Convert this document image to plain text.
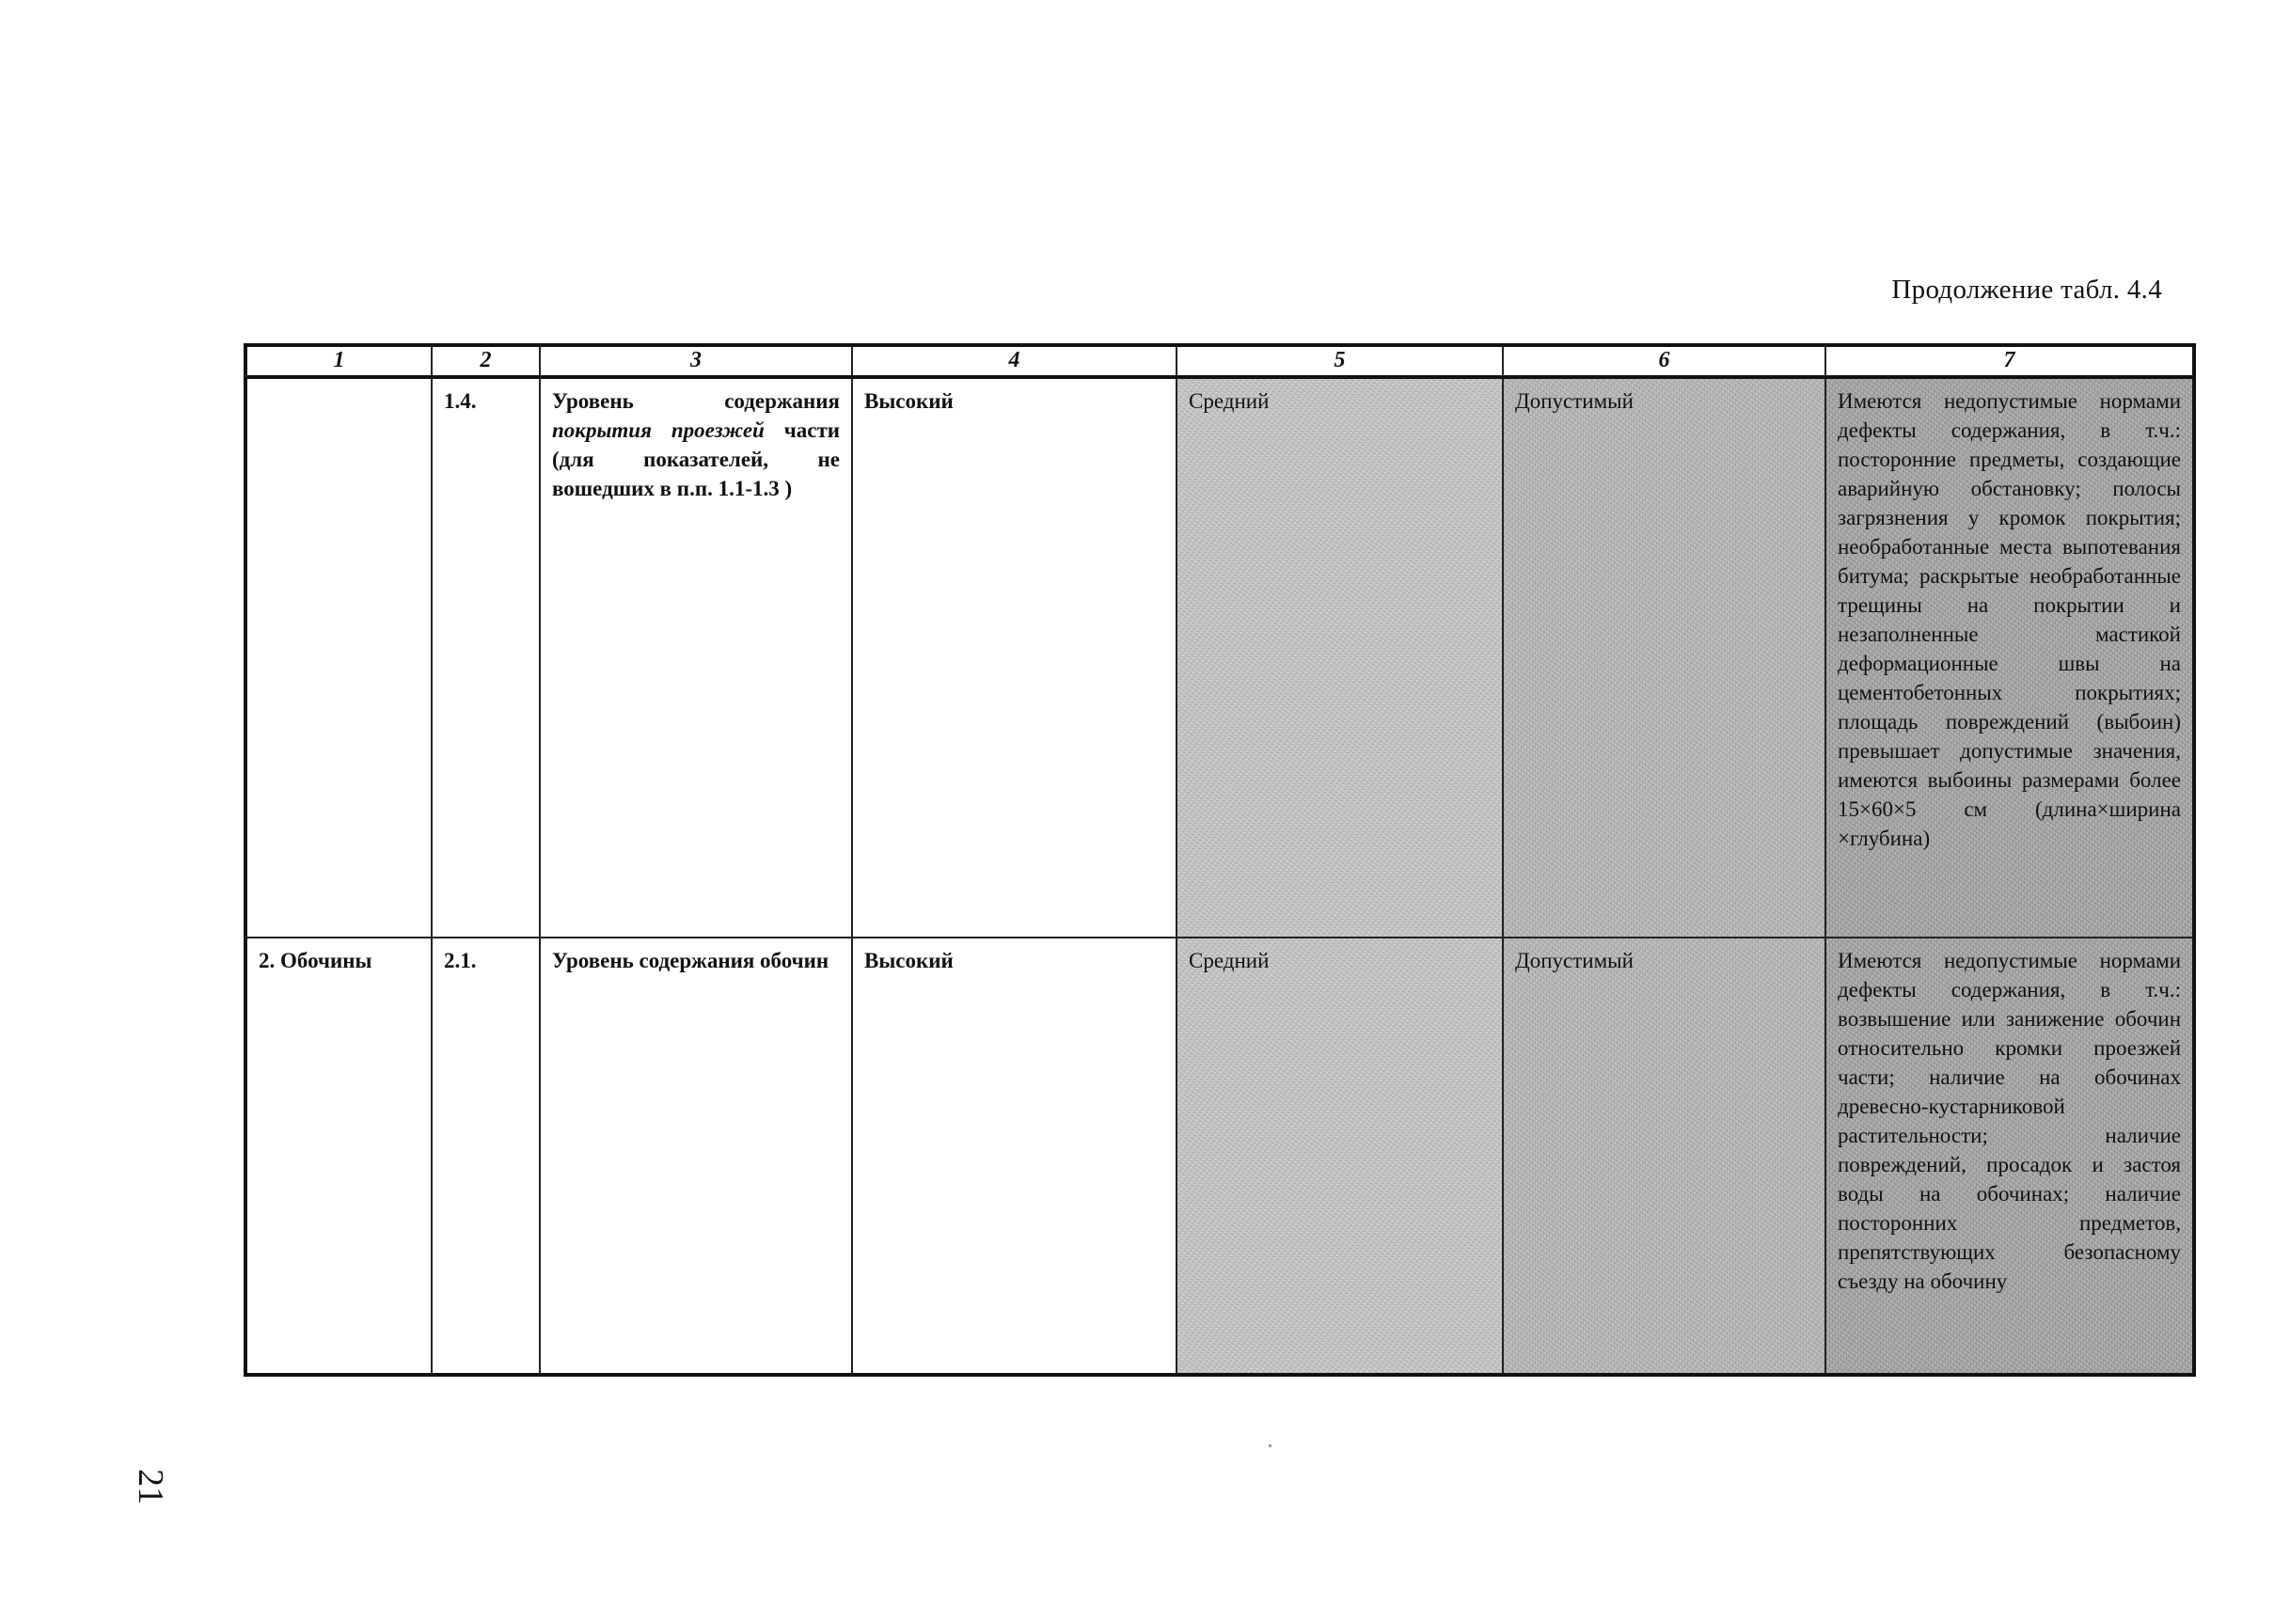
Продолжение табл. 4.4
1	2	3	4	5	6	7
	1.4.	Уровень содержания покрытия проезжей части (для показателей, не вошедших в п.п. 1.1-1.3 )	Высокий	Средний	Допустимый	Имеются недопустимые нормами дефекты содержания, в т.ч.: посторонние предметы, создающие аварийную обстановку; полосы загрязнения у кромок покрытия; необработанные места выпотевания битума; раскрытые необработанные трещины на покрытии и незаполненные мастикой деформационные швы на цементобетонных покрытиях; площадь повреждений (выбоин) превышает допустимые значения, имеются выбоины размерами более 15×60×5 см (длина×ширина ×глубина)
2. Обочины	2.1.	Уровень содержания обочин	Высокий	Средний	Допустимый	Имеются недопустимые нормами дефекты содержания, в т.ч.: возвышение или занижение обочин относительно кромки проезжей части; наличие на обочинах древесно-кустарниковой растительности; наличие повреждений, просадок и застоя воды на обочинах; наличие посторонних предметов, препятствующих безопасному съезду на обочину
21
